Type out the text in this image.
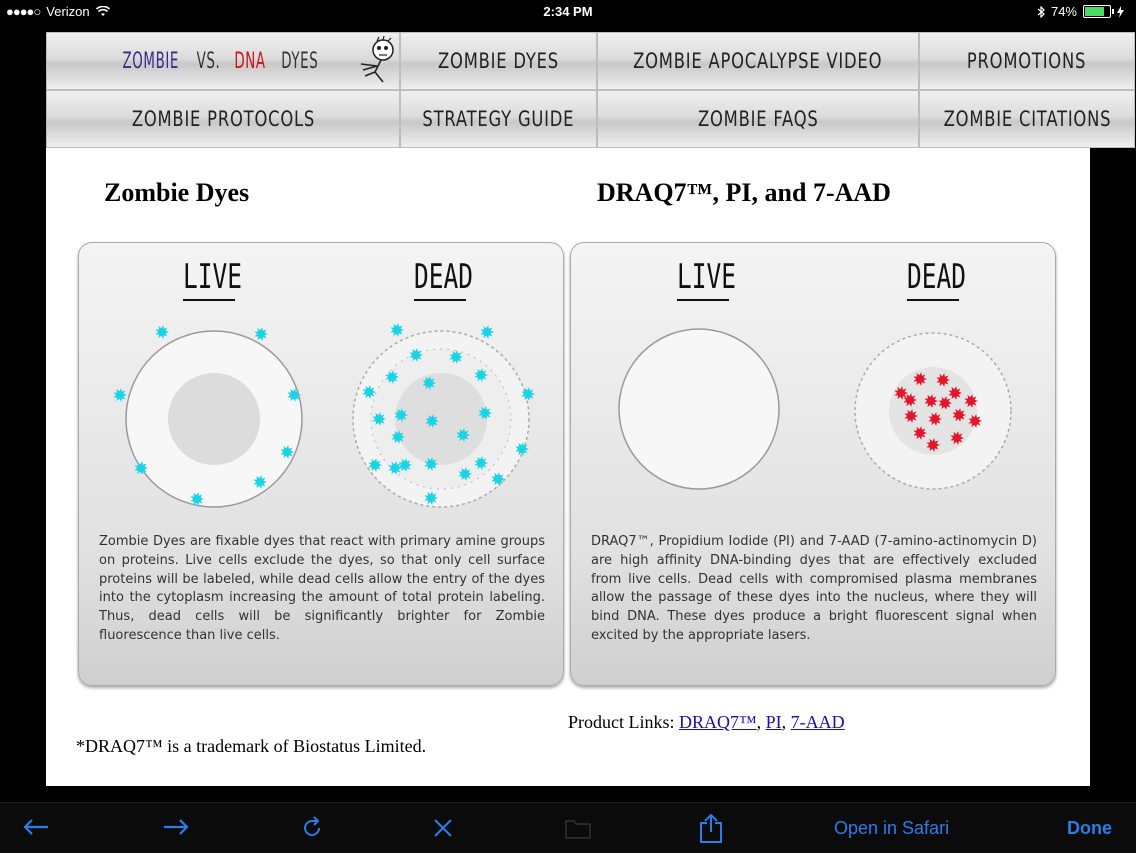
●●●●○ Verizon	2:34 PM	74%
ZOMBIE VS. DNA DYES	ZOMBIE DYES	ZOMBIE APOCALYPSE VIDEO	PROMOTIONS
ZOMBIE PROTOCOLS	STRATEGY GUIDE	ZOMBIE FAQS	ZOMBIE CITATIONS
Zombie Dyes	DRAQ7™, PI, and 7-AAD
LIVE	DEAD
Zombie Dyes are fixable dyes that react with primary amine groups on proteins. Live cells exclude the dyes, so that only cell surface proteins will be labeled, while dead cells allow the entry of the dyes into the cytoplasm increasing the amount of total protein labeling. Thus, dead cells will be significantly brighter for Zombie fluorescence than live cells.
LIVE	DEAD
DRAQ7™, Propidium Iodide (PI) and 7-AAD (7-amino-actinomycin D) are high affinity DNA-binding dyes that are effectively excluded from live cells. Dead cells with compromised plasma membranes allow the passage of these dyes into the nucleus, where they will bind DNA. These dyes produce a bright fluorescent signal when excited by the appropriate lasers.
Product Links: DRAQ7™, PI, 7-AAD
*DRAQ7™ is a trademark of Biostatus Limited.
Open in Safari	Done
